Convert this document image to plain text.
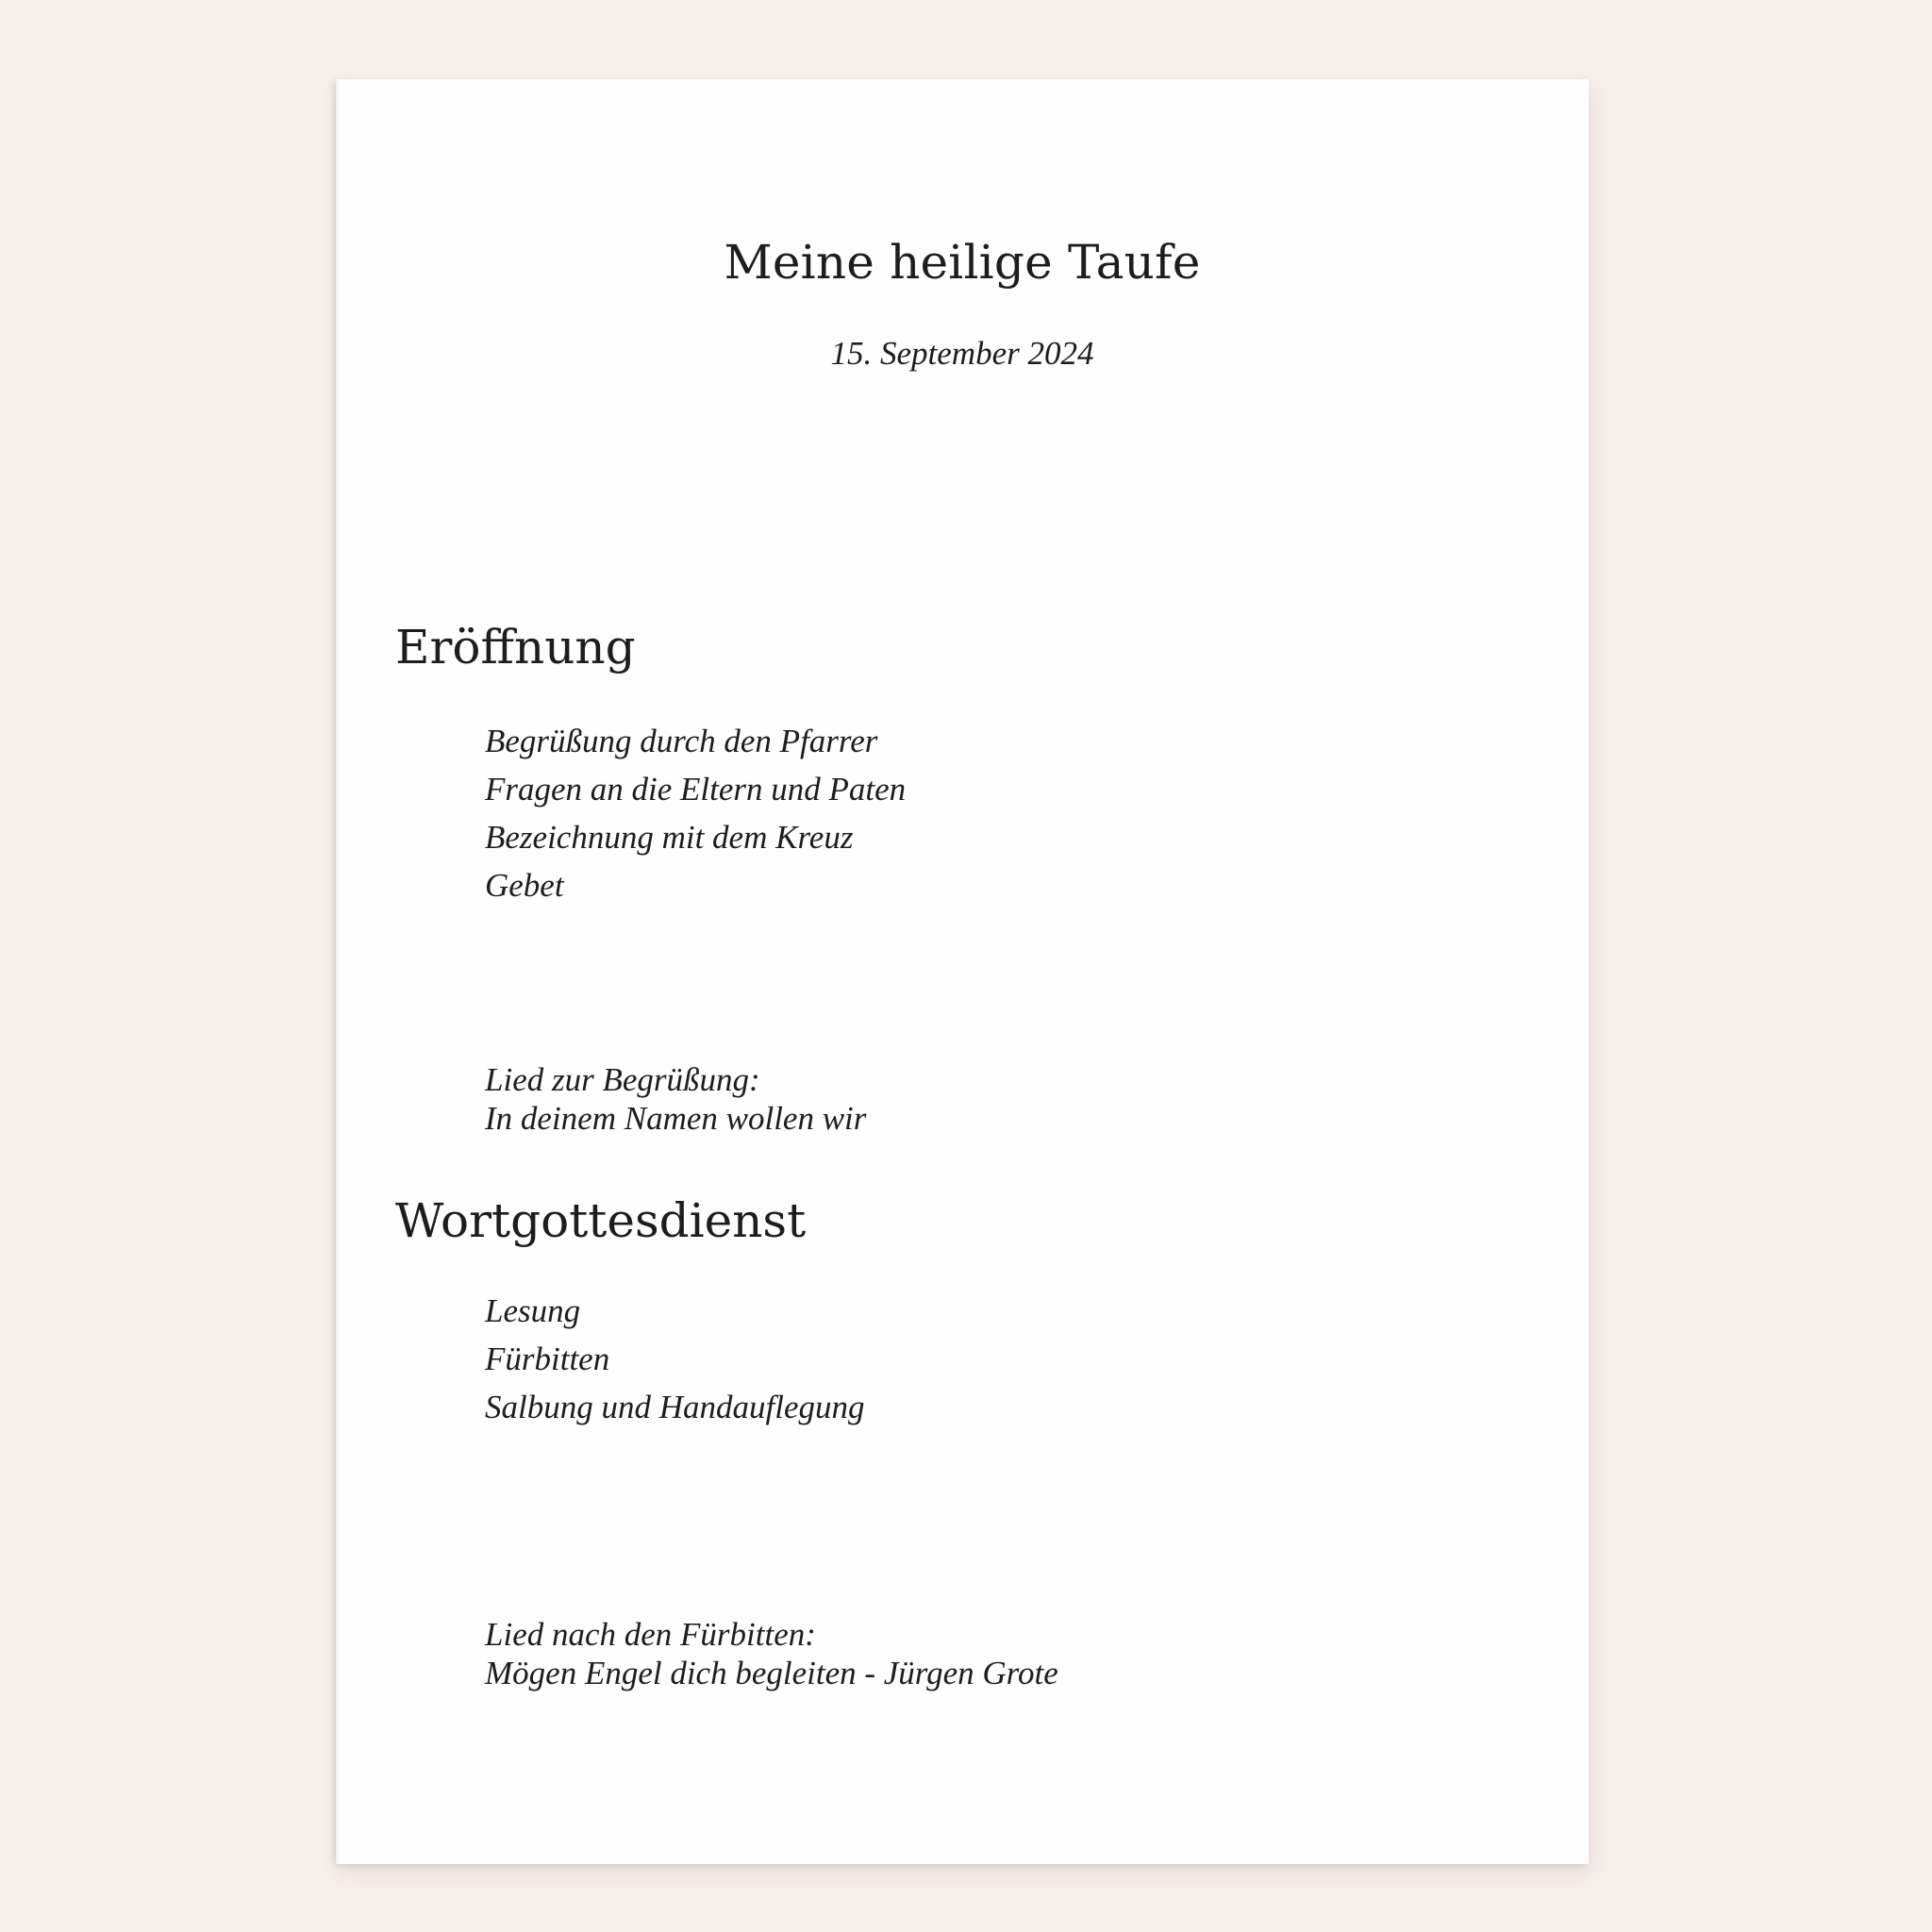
Meine heilige Taufe

15. September 2024

Eröffnung
Begrüßung durch den Pfarrer
Fragen an die Eltern und Paten
Bezeichnung mit dem Kreuz
Gebet

Lied zur Begrüßung:
In deinem Namen wollen wir

Wortgottesdienst
Lesung
Fürbitten
Salbung und Handauflegung

Lied nach den Fürbitten:
Mögen Engel dich begleiten - Jürgen Grote
